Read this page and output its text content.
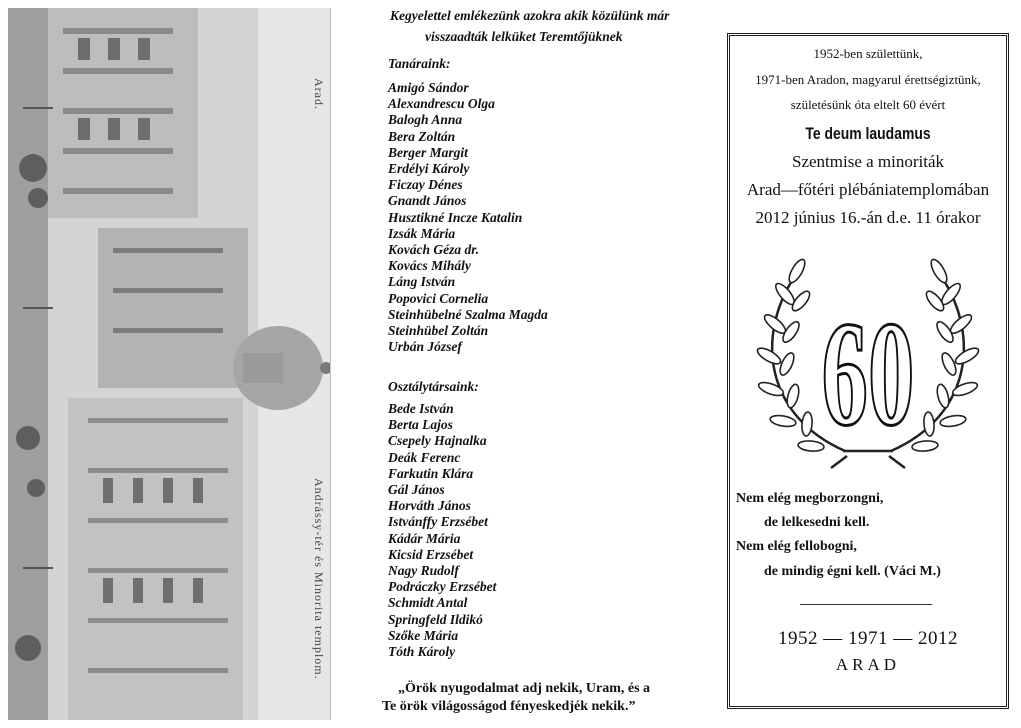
Arad.
Andrássy-tér és Minorita templom.
Kegyelettel emlékezünk azokra akik közülünk már
visszaadták lelküket Teremtőjüknek
Tanáraink:
Amigó Sándor
Alexandrescu Olga
Balogh Anna
Bera Zoltán
Berger Margit
Erdélyi Károly
Ficzay Dénes
Gnandt János
Husztikné Incze Katalin
Izsák Mária
Kovách Géza dr.
Kovács Mihály
Láng István
Popovici Cornelia
Steinhübelné Szalma Magda
Steinhübel Zoltán
Urbán József
Osztálytársaink:
Bede István
Berta Lajos
Csepely Hajnalka
Deák Ferenc
Farkutin Klára
Gál János
Horváth János
Istvánffy Erzsébet
Kádár Mária
Kicsid Erzsébet
Nagy Rudolf
Podráczky Erzsébet
Schmidt Antal
Springfeld Ildikó
Szőke Mária
Tóth Károly
„Örök nyugodalmat adj nekik, Uram, és a
Te örök világosságod fényeskedjék nekik.”
1952-ben születtünk,
1971-ben Aradon, magyarul érettségiztünk,
születésünk óta eltelt 60 évért
Te deum laudamus
Szentmise a minoriták
Arad—főtéri plébániatemplomában
2012 június 16.-án d.e. 11 órakor
60
Nem elég megborzongni,
de lelkesedni kell.
Nem elég fellobogni,
de mindig égni kell. (Váci M.)
1952 — 1971 — 2012
ARAD
